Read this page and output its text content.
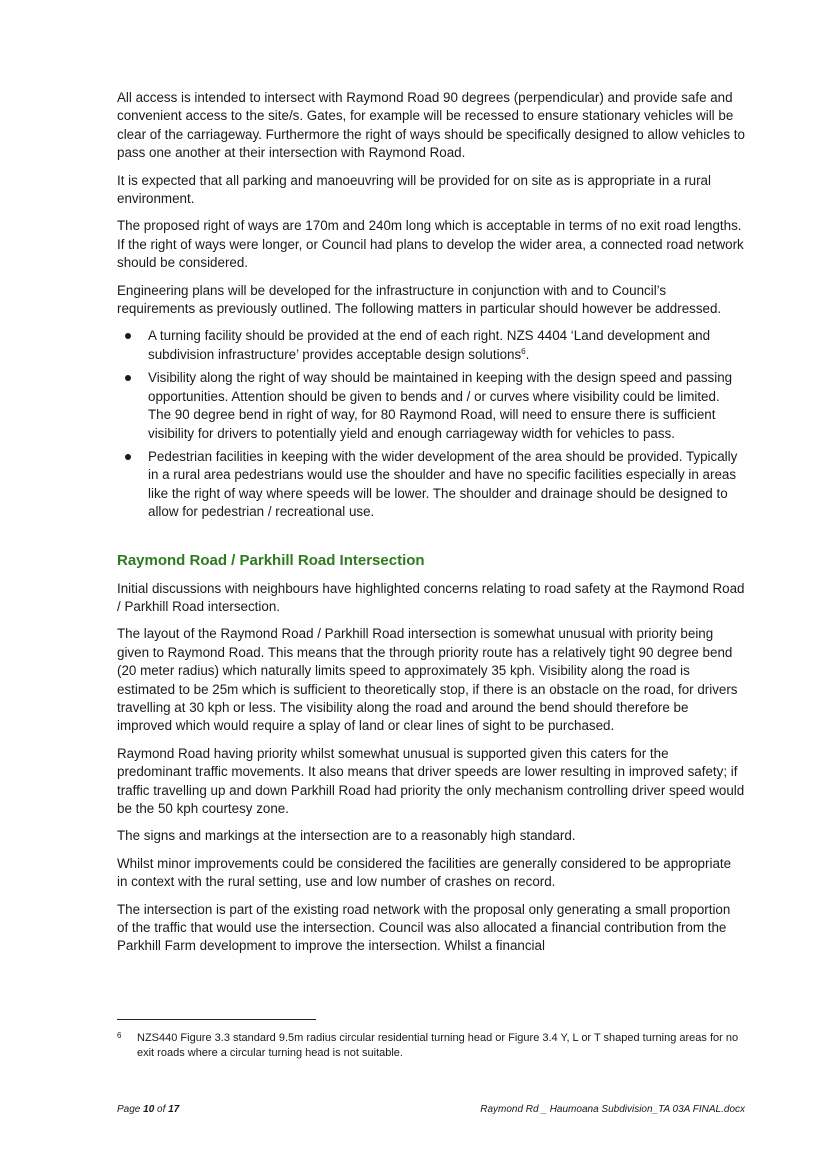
All access is intended to intersect with Raymond Road 90 degrees (perpendicular) and provide safe and convenient access to the site/s. Gates, for example will be recessed to ensure stationary vehicles will be clear of the carriageway. Furthermore the right of ways should be specifically designed to allow vehicles to pass one another at their intersection with Raymond Road.

It is expected that all parking and manoeuvring will be provided for on site as is appropriate in a rural environment.

The proposed right of ways are 170m and 240m long which is acceptable in terms of no exit road lengths. If the right of ways were longer, or Council had plans to develop the wider area, a connected road network should be considered.

Engineering plans will be developed for the infrastructure in conjunction with and to Council’s requirements as previously outlined. The following matters in particular should however be addressed.

A turning facility should be provided at the end of each right. NZS 4404 ‘Land development and subdivision infrastructure’ provides acceptable design solutions$^6$.
Visibility along the right of way should be maintained in keeping with the design speed and passing opportunities. Attention should be given to bends and / or curves where visibility could be limited. The 90 degree bend in right of way, for 80 Raymond Road, will need to ensure there is sufficient visibility for drivers to potentially yield and enough carriageway width for vehicles to pass.
Pedestrian facilities in keeping with the wider development of the area should be provided. Typically in a rural area pedestrians would use the shoulder and have no specific facilities especially in areas like the right of way where speeds will be lower. The shoulder and drainage should be designed to allow for pedestrian / recreational use.
Raymond Road / Parkhill Road Intersection

Initial discussions with neighbours have highlighted concerns relating to road safety at the Raymond Road / Parkhill Road intersection.

The layout of the Raymond Road / Parkhill Road intersection is somewhat unusual with priority being given to Raymond Road. This means that the through priority route has a relatively tight 90 degree bend (20 meter radius) which naturally limits speed to approximately 35 kph. Visibility along the road is estimated to be 25m which is sufficient to theoretically stop, if there is an obstacle on the road, for drivers travelling at 30 kph or less. The visibility along the road and around the bend should therefore be improved which would require a splay of land or clear lines of sight to be purchased.

Raymond Road having priority whilst somewhat unusual is supported given this caters for the predominant traffic movements. It also means that driver speeds are lower resulting in improved safety; if traffic travelling up and down Parkhill Road had priority the only mechanism controlling driver speed would be the 50 kph courtesy zone.

The signs and markings at the intersection are to a reasonably high standard.

Whilst minor improvements could be considered the facilities are generally considered to be appropriate in context with the rural setting, use and low number of crashes on record.

The intersection is part of the existing road network with the proposal only generating a small proportion of the traffic that would use the intersection. Council was also allocated a financial contribution from the Parkhill Farm development to improve the intersection. Whilst a financial

6	NZS440 Figure 3.3 standard 9.5m radius circular residential turning head or Figure 3.4 Y, L or T shaped turning areas for no exit roads where a circular turning head is not suitable.
Page 10 of 17	Raymond Rd _ Haumoana Subdivision_TA 03A FINAL.docx
